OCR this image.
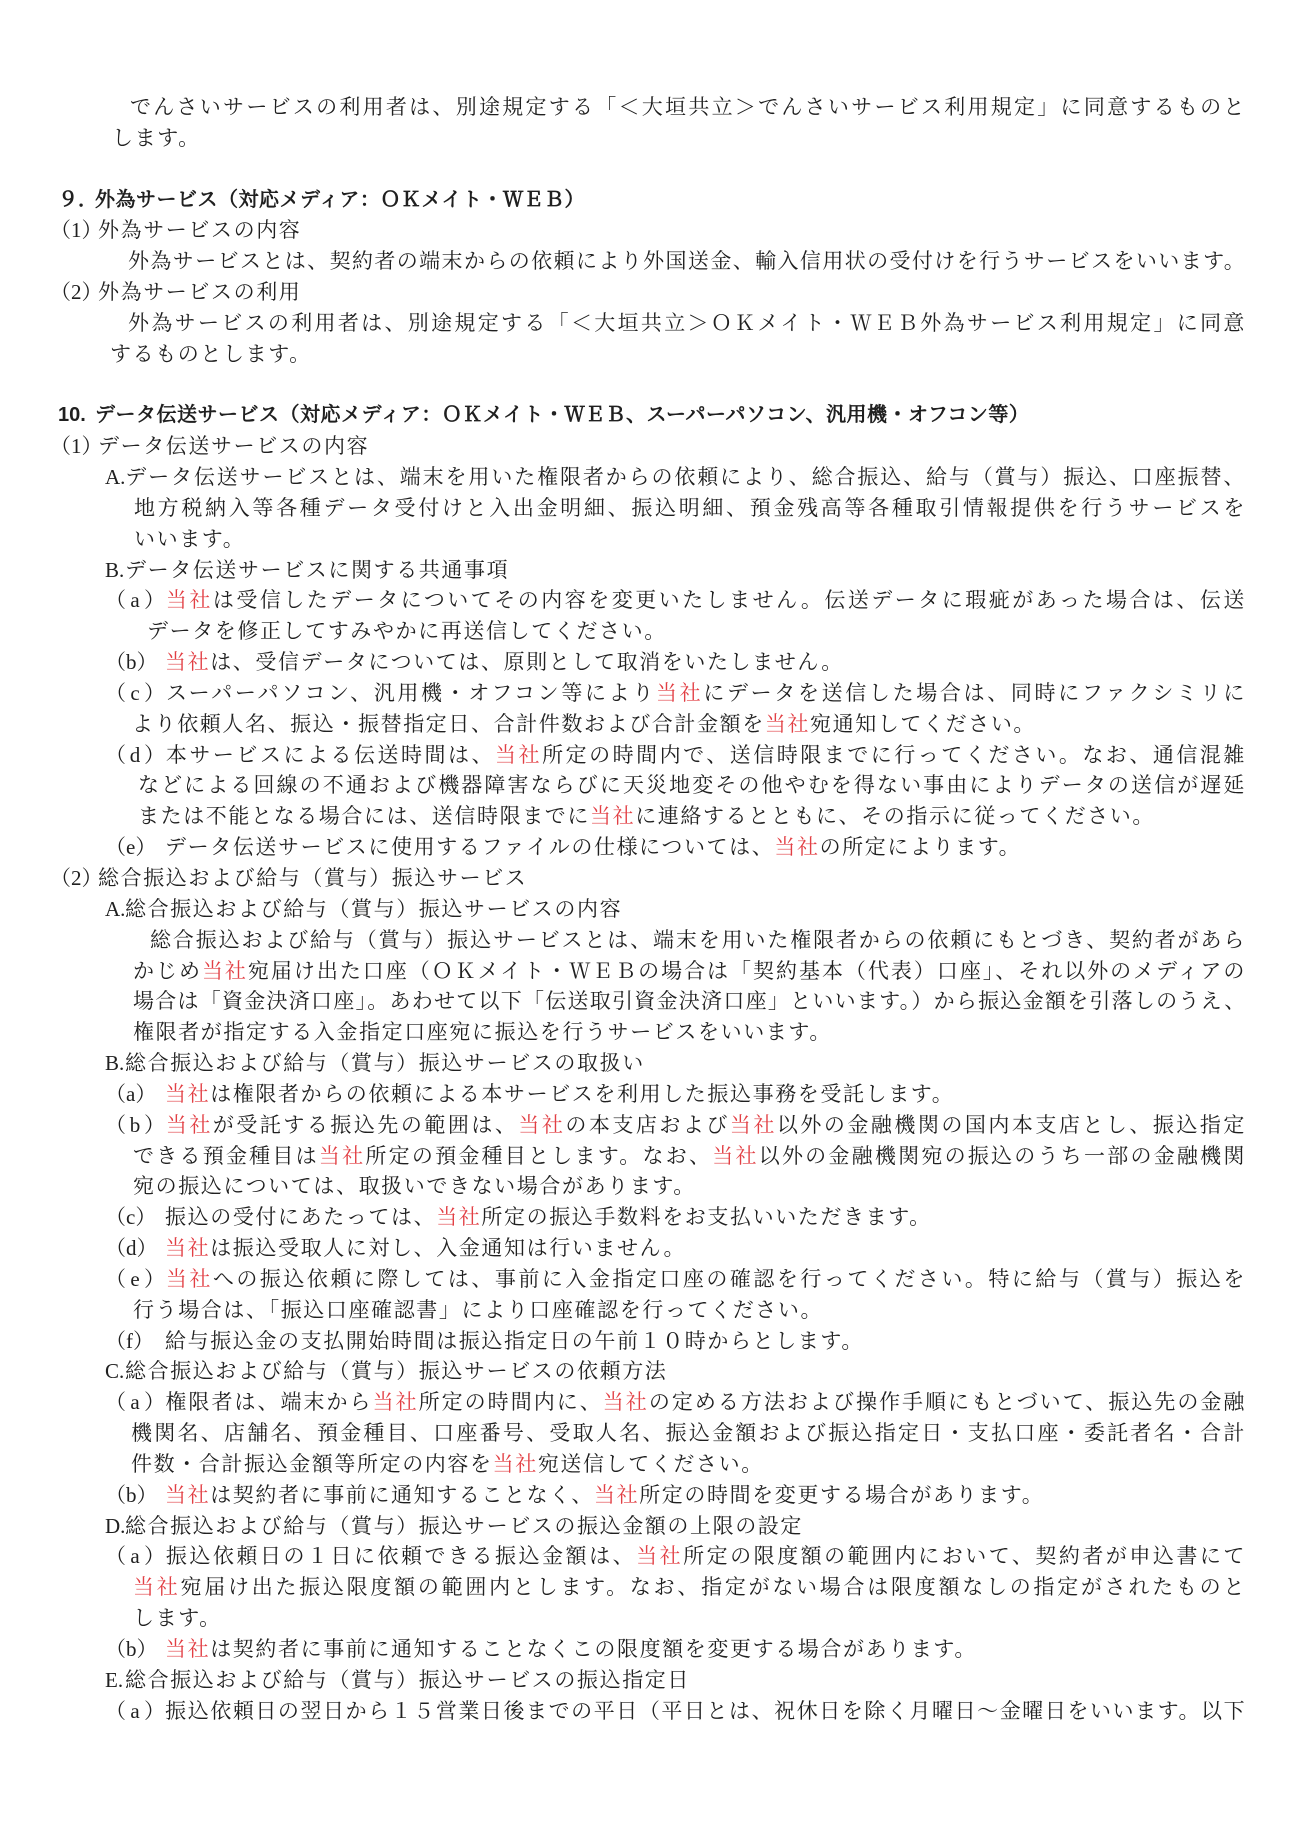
でんさいサービスの利用者は、別途規定する「＜大垣共立＞でんさいサービス利用規定」に同意するものと
します。
９．外為サービス（対応メディア：ＯＫメイト・ＷＥＢ）
（1）外為サービスの内容
外為サービスとは、契約者の端末からの依頼により外国送金、輸入信用状の受付けを行うサービスをいいます。
（2）外為サービスの利用
外為サービスの利用者は、別途規定する「＜大垣共立＞ＯＫメイト・ＷＥＢ外為サービス利用規定」に同意
するものとします。
10. データ伝送サービス（対応メディア：ＯＫメイト・ＷＥＢ、スーパーパソコン、汎用機・オフコン等）
（1）データ伝送サービスの内容
A.データ伝送サービスとは、端末を用いた権限者からの依頼により、総合振込、給与（賞与）振込、口座振替、
地方税納入等各種データ受付けと入出金明細、振込明細、預金残高等各種取引情報提供を行うサービスを
いいます。
B.データ伝送サービスに関する共通事項
（a）当社は受信したデータについてその内容を変更いたしません。伝送データに瑕疵があった場合は、伝送
データを修正してすみやかに再送信してください。
（b） 当社は、受信データについては、原則として取消をいたしません。
（c）スーパーパソコン、汎用機・オフコン等により当社にデータを送信した場合は、同時にファクシミリに
より依頼人名、振込・振替指定日、合計件数および合計金額を当社宛通知してください。
（d）本サービスによる伝送時間は、当社所定の時間内で、送信時限までに行ってください。なお、通信混雑
などによる回線の不通および機器障害ならびに天災地変その他やむを得ない事由によりデータの送信が遅延
または不能となる場合には、送信時限までに当社に連絡するとともに、その指示に従ってください。
（e） データ伝送サービスに使用するファイルの仕様については、当社の所定によります。
（2）総合振込および給与（賞与）振込サービス
A.総合振込および給与（賞与）振込サービスの内容
総合振込および給与（賞与）振込サービスとは、端末を用いた権限者からの依頼にもとづき、契約者があら
かじめ当社宛届け出た口座（ＯＫメイト・ＷＥＢの場合は「契約基本（代表）口座」、それ以外のメディアの
場合は「資金決済口座」。あわせて以下「伝送取引資金決済口座」といいます。）から振込金額を引落しのうえ、
権限者が指定する入金指定口座宛に振込を行うサービスをいいます。
B.総合振込および給与（賞与）振込サービスの取扱い
（a） 当社は権限者からの依頼による本サービスを利用した振込事務を受託します。
（b）当社が受託する振込先の範囲は、当社の本支店および当社以外の金融機関の国内本支店とし、振込指定
できる預金種目は当社所定の預金種目とします。なお、当社以外の金融機関宛の振込のうち一部の金融機関
宛の振込については、取扱いできない場合があります。
（c） 振込の受付にあたっては、当社所定の振込手数料をお支払いいただきます。
（d） 当社は振込受取人に対し、入金通知は行いません。
（e）当社への振込依頼に際しては、事前に入金指定口座の確認を行ってください。特に給与（賞与）振込を
行う場合は、「振込口座確認書」により口座確認を行ってください。
（f） 給与振込金の支払開始時間は振込指定日の午前１０時からとします。
C.総合振込および給与（賞与）振込サービスの依頼方法
（a）権限者は、端末から当社所定の時間内に、当社の定める方法および操作手順にもとづいて、振込先の金融
機関名、店舗名、預金種目、口座番号、受取人名、振込金額および振込指定日・支払口座・委託者名・合計
件数・合計振込金額等所定の内容を当社宛送信してください。
（b） 当社は契約者に事前に通知することなく、当社所定の時間を変更する場合があります。
D.総合振込および給与（賞与）振込サービスの振込金額の上限の設定
（a）振込依頼日の１日に依頼できる振込金額は、当社所定の限度額の範囲内において、契約者が申込書にて
当社宛届け出た振込限度額の範囲内とします。なお、指定がない場合は限度額なしの指定がされたものと
します。
（b） 当社は契約者に事前に通知することなくこの限度額を変更する場合があります。
E.総合振込および給与（賞与）振込サービスの振込指定日
（a）振込依頼日の翌日から１５営業日後までの平日（平日とは、祝休日を除く月曜日～金曜日をいいます。以下
